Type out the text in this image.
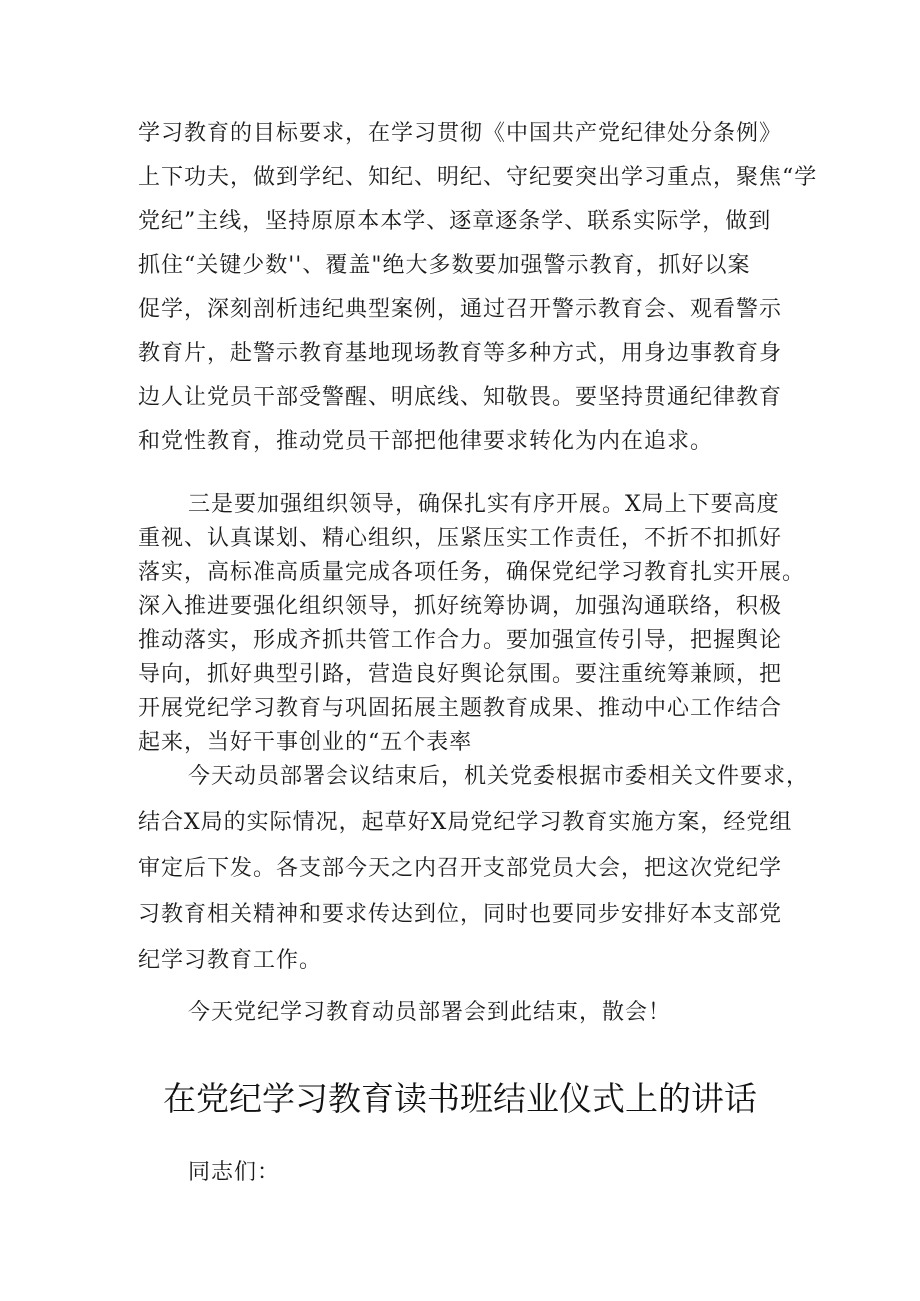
学习教育的目标要求，在学习贯彻《中国共产党纪律处分条例》
上下功夫，做到学纪、知纪、明纪、守纪要突出学习重点，聚焦“学
党纪”主线，坚持原原本本学、逐章逐条学、联系实际学，做到
抓住“关键少数''、覆盖"绝大多数要加强警示教育，抓好以案
促学，深刻剖析违纪典型案例，通过召开警示教育会、观看警示
教育片，赴警示教育基地现场教育等多种方式，用身边事教育身
边人让党员干部受警醒、明底线、知敬畏。要坚持贯通纪律教育
和党性教育，推动党员干部把他律要求转化为内在追求。
三是要加强组织领导，确保扎实有序开展。X局上下要高度
重视、认真谋划、精心组织，压紧压实工作责任，不折不扣抓好
落实，高标准高质量完成各项任务，确保党纪学习教育扎实开展。
深入推进要强化组织领导，抓好统筹协调，加强沟通联络，积极
推动落实，形成齐抓共管工作合力。要加强宣传引导，把握舆论
导向，抓好典型引路，营造良好舆论氛围。要注重统筹兼顾，把
开展党纪学习教育与巩固拓展主题教育成果、推动中心工作结合
起来，当好干事创业的“五个表率
今天动员部署会议结束后，机关党委根据市委相关文件要求，
结合X局的实际情况，起草好X局党纪学习教育实施方案，经党组
审定后下发。各支部今天之内召开支部党员大会，把这次党纪学
习教育相关精神和要求传达到位，同时也要同步安排好本支部党
纪学习教育工作。
今天党纪学习教育动员部署会到此结束，散会！
在党纪学习教育读书班结业仪式上的讲话

同志们：
